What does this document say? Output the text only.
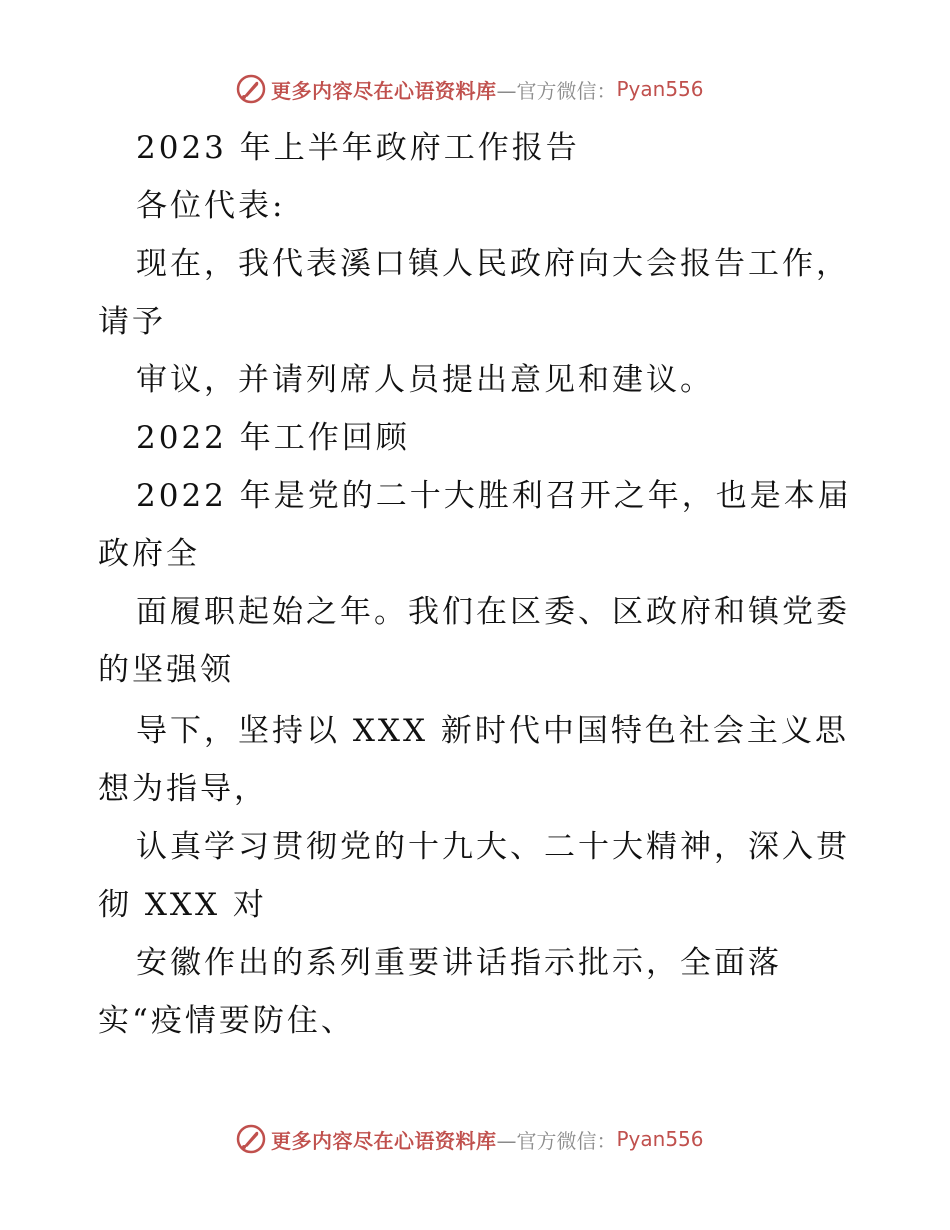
更多内容尽在心语资料库 —官方微信： Pyan556
2023 年上半年政府工作报告
各位代表:
现在，我代表溪口镇人民政府向大会报告工作，
请予
审议，并请列席人员提出意见和建议。
2022 年工作回顾
2022 年是党的二十大胜利召开之年，也是本届
政府全
面履职起始之年。我们在区委、区政府和镇党委
的坚强领
导下，坚持以 XXX 新时代中国特色社会主义思
想为指导，
认真学习贯彻党的十九大、二十大精神，深入贯
彻 XXX 对
安徽作出的系列重要讲话指示批示，全面落
实“疫情要防住、
更多内容尽在心语资料库 —官方微信： Pyan556
